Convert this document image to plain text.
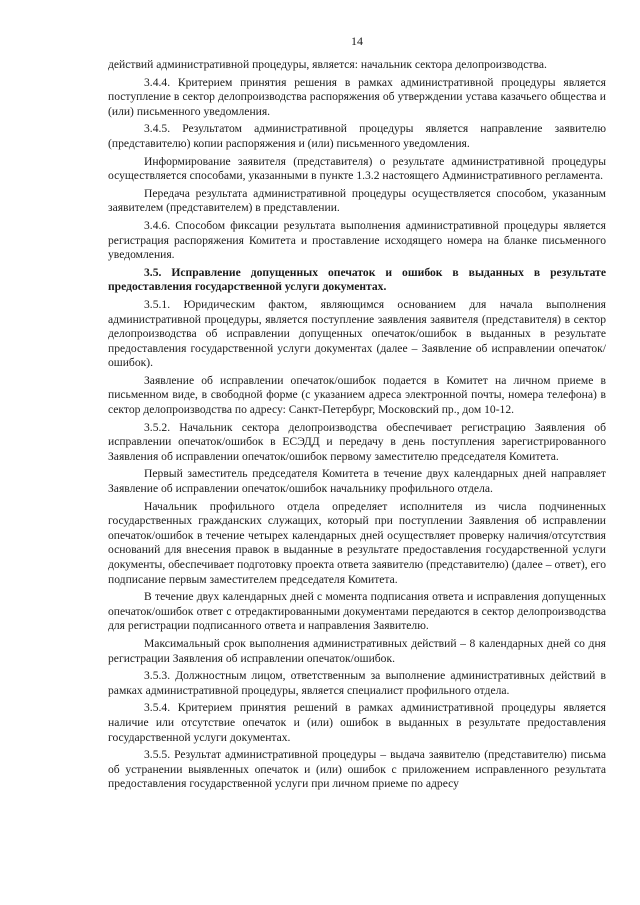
14

действий административной процедуры, является: начальник сектора делопроизводства.

3.4.4. Критерием принятия решения в рамках административной процедуры является поступление в сектор делопроизводства распоряжения об утверждении устава казачьего общества и (или) письменного уведомления.

3.4.5. Результатом административной процедуры является направление заявителю (представителю) копии распоряжения и (или) письменного уведомления.

Информирование заявителя (представителя) о результате административной процедуры осуществляется способами, указанными в пункте 1.3.2 настоящего Административного регламента.

Передача результата административной процедуры осуществляется способом, указанным заявителем (представителем) в представлении.

3.4.6. Способом фиксации результата выполнения административной процедуры является регистрация распоряжения Комитета и проставление исходящего номера на бланке письменного уведомления.

3.5. Исправление допущенных опечаток и ошибок в выданных в результате предоставления государственной услуги документах.

3.5.1. Юридическим фактом, являющимся основанием для начала выполнения административной процедуры, является поступление заявления заявителя (представителя) в сектор делопроизводства об исправлении допущенных опечаток/ошибок в выданных в результате предоставления государственной услуги документах (далее – Заявление об исправлении опечаток/ошибок).

Заявление об исправлении опечаток/ошибок подается в Комитет на личном приеме в письменном виде, в свободной форме (с указанием адреса электронной почты, номера телефона) в сектор делопроизводства по адресу: Санкт-Петербург, Московский пр., дом 10-12.

3.5.2. Начальник сектора делопроизводства обеспечивает регистрацию Заявления об исправлении опечаток/ошибок в ЕСЭДД и передачу в день поступления зарегистрированного Заявления об исправлении опечаток/ошибок первому заместителю председателя Комитета.

Первый заместитель председателя Комитета в течение двух календарных дней направляет Заявление об исправлении опечаток/ошибок начальнику профильного отдела.

Начальник профильного отдела определяет исполнителя из числа подчиненных государственных гражданских служащих, который при поступлении Заявления об исправлении опечаток/ошибок в течение четырех календарных дней осуществляет проверку наличия/отсутствия оснований для внесения правок в выданные в результате предоставления государственной услуги документы, обеспечивает подготовку проекта ответа заявителю (представителю) (далее – ответ), его подписание первым заместителем председателя Комитета.

В течение двух календарных дней с момента подписания ответа и исправления допущенных опечаток/ошибок ответ с отредактированными документами передаются в сектор делопроизводства для регистрации подписанного ответа и направления Заявителю.

Максимальный срок выполнения административных действий – 8 календарных дней со дня регистрации Заявления об исправлении опечаток/ошибок.

3.5.3. Должностным лицом, ответственным за выполнение административных действий в рамках административной процедуры, является специалист профильного отдела.

3.5.4. Критерием принятия решений в рамках административной процедуры является наличие или отсутствие опечаток и (или) ошибок в выданных в результате предоставления государственной услуги документах.

3.5.5. Результат административной процедуры – выдача заявителю (представителю) письма об устранении выявленных опечаток и (или) ошибок с приложением исправленного результата предоставления государственной услуги при личном приеме по адресу
